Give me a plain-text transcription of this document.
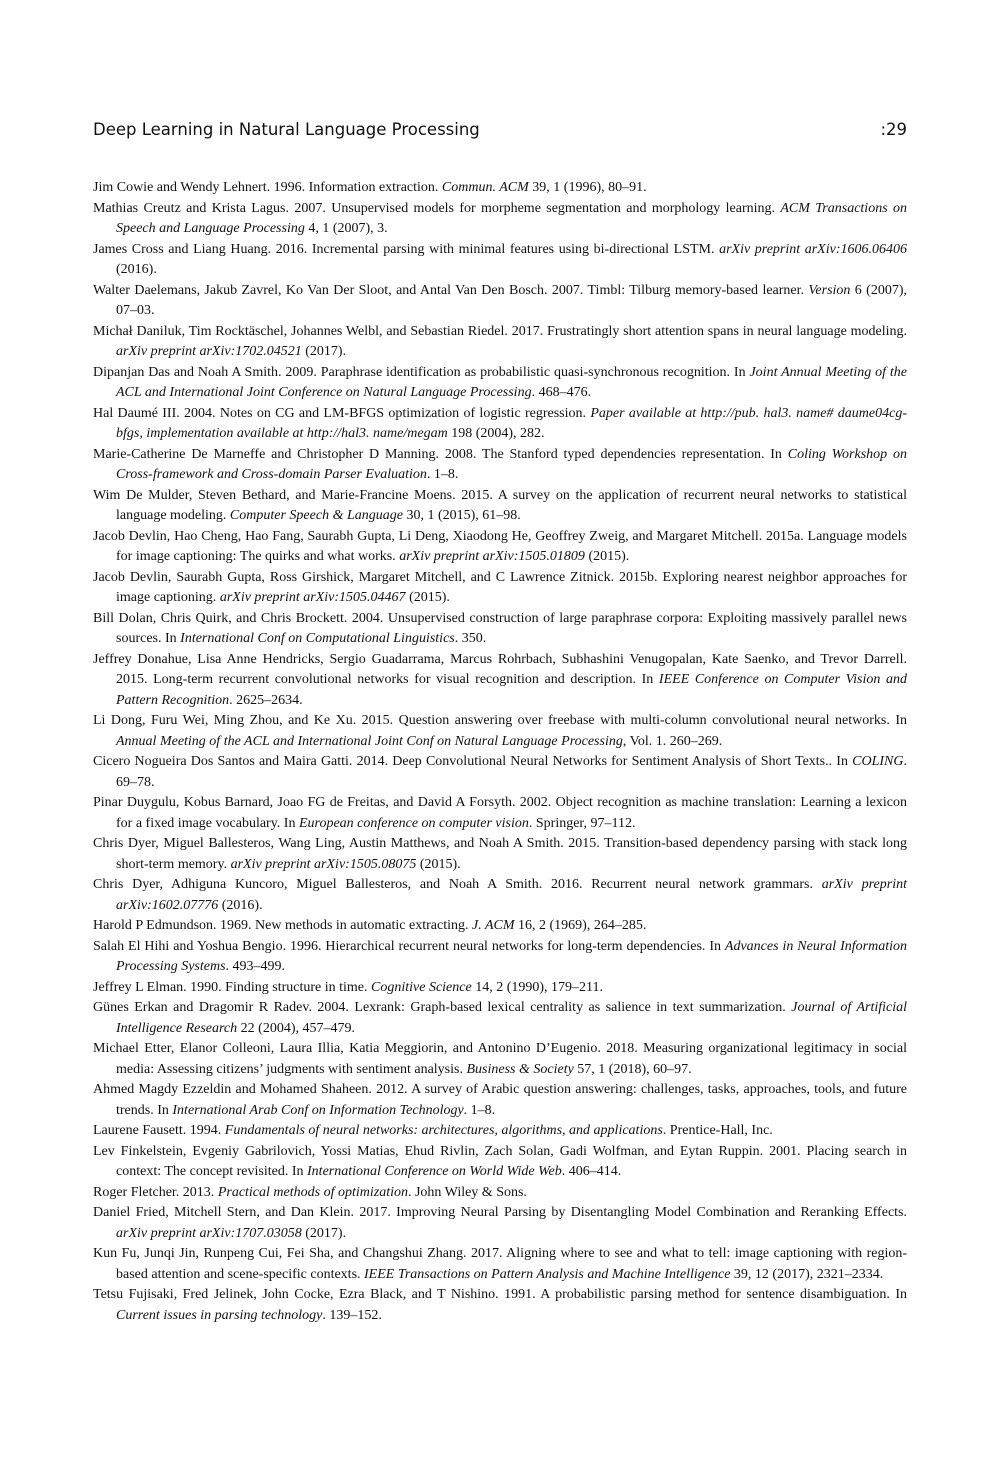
Deep Learning in Natural Language Processing	:29

Jim Cowie and Wendy Lehnert. 1996. Information extraction. Commun. ACM 39, 1 (1996), 80–91.

Mathias Creutz and Krista Lagus. 2007. Unsupervised models for morpheme segmentation and morphology learning. ACM Transactions on Speech and Language Processing 4, 1 (2007), 3.

James Cross and Liang Huang. 2016. Incremental parsing with minimal features using bi-directional LSTM. arXiv preprint arXiv:1606.06406 (2016).

Walter Daelemans, Jakub Zavrel, Ko Van Der Sloot, and Antal Van Den Bosch. 2007. Timbl: Tilburg memory-based learner. Version 6 (2007), 07–03.

Michał Daniluk, Tim Rocktäschel, Johannes Welbl, and Sebastian Riedel. 2017. Frustratingly short attention spans in neural language modeling. arXiv preprint arXiv:1702.04521 (2017).

Dipanjan Das and Noah A Smith. 2009. Paraphrase identification as probabilistic quasi-synchronous recognition. In Joint Annual Meeting of the ACL and International Joint Conference on Natural Language Processing. 468–476.

Hal Daumé III. 2004. Notes on CG and LM-BFGS optimization of logistic regression. Paper available at http://pub. hal3. name# daume04cg-bfgs, implementation available at http://hal3. name/megam 198 (2004), 282.

Marie-Catherine De Marneffe and Christopher D Manning. 2008. The Stanford typed dependencies representation. In Coling Workshop on Cross-framework and Cross-domain Parser Evaluation. 1–8.

Wim De Mulder, Steven Bethard, and Marie-Francine Moens. 2015. A survey on the application of recurrent neural networks to statistical language modeling. Computer Speech & Language 30, 1 (2015), 61–98.

Jacob Devlin, Hao Cheng, Hao Fang, Saurabh Gupta, Li Deng, Xiaodong He, Geoffrey Zweig, and Margaret Mitchell. 2015a. Language models for image captioning: The quirks and what works. arXiv preprint arXiv:1505.01809 (2015).

Jacob Devlin, Saurabh Gupta, Ross Girshick, Margaret Mitchell, and C Lawrence Zitnick. 2015b. Exploring nearest neighbor approaches for image captioning. arXiv preprint arXiv:1505.04467 (2015).

Bill Dolan, Chris Quirk, and Chris Brockett. 2004. Unsupervised construction of large paraphrase corpora: Exploiting massively parallel news sources. In International Conf on Computational Linguistics. 350.

Jeffrey Donahue, Lisa Anne Hendricks, Sergio Guadarrama, Marcus Rohrbach, Subhashini Venugopalan, Kate Saenko, and Trevor Darrell. 2015. Long-term recurrent convolutional networks for visual recognition and description. In IEEE Conference on Computer Vision and Pattern Recognition. 2625–2634.

Li Dong, Furu Wei, Ming Zhou, and Ke Xu. 2015. Question answering over freebase with multi-column convolutional neural networks. In Annual Meeting of the ACL and International Joint Conf on Natural Language Processing, Vol. 1. 260–269.

Cicero Nogueira Dos Santos and Maira Gatti. 2014. Deep Convolutional Neural Networks for Sentiment Analysis of Short Texts.. In COLING. 69–78.

Pinar Duygulu, Kobus Barnard, Joao FG de Freitas, and David A Forsyth. 2002. Object recognition as machine translation: Learning a lexicon for a fixed image vocabulary. In European conference on computer vision. Springer, 97–112.

Chris Dyer, Miguel Ballesteros, Wang Ling, Austin Matthews, and Noah A Smith. 2015. Transition-based dependency parsing with stack long short-term memory. arXiv preprint arXiv:1505.08075 (2015).

Chris Dyer, Adhiguna Kuncoro, Miguel Ballesteros, and Noah A Smith. 2016. Recurrent neural network grammars. arXiv preprint arXiv:1602.07776 (2016).

Harold P Edmundson. 1969. New methods in automatic extracting. J. ACM 16, 2 (1969), 264–285.

Salah El Hihi and Yoshua Bengio. 1996. Hierarchical recurrent neural networks for long-term dependencies. In Advances in Neural Information Processing Systems. 493–499.

Jeffrey L Elman. 1990. Finding structure in time. Cognitive Science 14, 2 (1990), 179–211.

Günes Erkan and Dragomir R Radev. 2004. Lexrank: Graph-based lexical centrality as salience in text summarization. Journal of Artificial Intelligence Research 22 (2004), 457–479.

Michael Etter, Elanor Colleoni, Laura Illia, Katia Meggiorin, and Antonino D’Eugenio. 2018. Measuring organizational legitimacy in social media: Assessing citizens’ judgments with sentiment analysis. Business & Society 57, 1 (2018), 60–97.

Ahmed Magdy Ezzeldin and Mohamed Shaheen. 2012. A survey of Arabic question answering: challenges, tasks, approaches, tools, and future trends. In International Arab Conf on Information Technology. 1–8.

Laurene Fausett. 1994. Fundamentals of neural networks: architectures, algorithms, and applications. Prentice-Hall, Inc.

Lev Finkelstein, Evgeniy Gabrilovich, Yossi Matias, Ehud Rivlin, Zach Solan, Gadi Wolfman, and Eytan Ruppin. 2001. Placing search in context: The concept revisited. In International Conference on World Wide Web. 406–414.

Roger Fletcher. 2013. Practical methods of optimization. John Wiley & Sons.

Daniel Fried, Mitchell Stern, and Dan Klein. 2017. Improving Neural Parsing by Disentangling Model Combination and Reranking Effects. arXiv preprint arXiv:1707.03058 (2017).

Kun Fu, Junqi Jin, Runpeng Cui, Fei Sha, and Changshui Zhang. 2017. Aligning where to see and what to tell: image captioning with region-based attention and scene-specific contexts. IEEE Transactions on Pattern Analysis and Machine Intelligence 39, 12 (2017), 2321–2334.

Tetsu Fujisaki, Fred Jelinek, John Cocke, Ezra Black, and T Nishino. 1991. A probabilistic parsing method for sentence disambiguation. In Current issues in parsing technology. 139–152.
